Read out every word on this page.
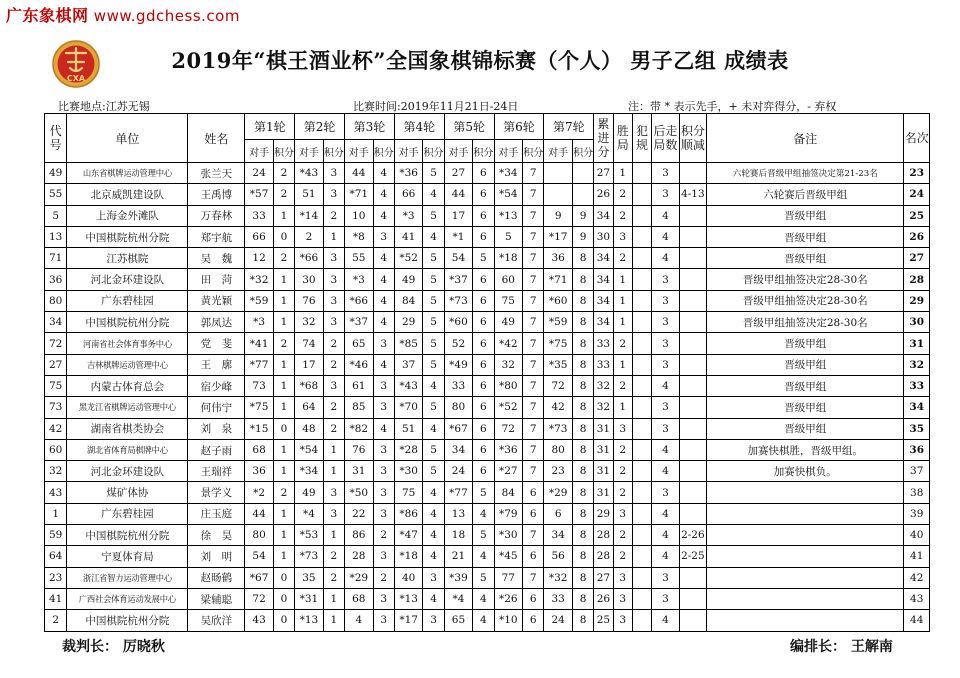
广东象棋网 www.gdchess.com
CXA
2019年“棋王酒业杯”全国象棋锦标赛（个人） 男子乙组 成绩表
比赛地点:江苏无锡	比赛时间:2019年11月21日-24日	注：带 * 表示先手，+ 未对弈得分，- 弃权
代号	单位	姓名	第1轮		第2轮		第3轮		第4轮		第5轮		第6轮		第7轮		累进分	胜局	犯规	后走局数	积分顺减	备注	名次
			对手	积分	对手	积分	对手	积分	对手	积分	对手	积分	对手	积分	对手	积分							
49	山东省棋牌运动管理中心	张兰天	24	2	*43	3	44	4	*36	5	27	6	*34	7			27	1		3		六轮赛后晋级甲组抽签决定第21-23名	23
55	北京威凯建设队	王禹博	*57	2	51	3	*71	4	66	4	44	6	*54	7			26	2		3	4-13	六轮赛后晋级甲组	24
5	上海金外滩队	万春林	33	1	*14	2	10	4	*3	5	17	6	*13	7	9	9	34	2		4		晋级甲组	25
13	中国棋院杭州分院	郑宇航	66	0	2	1	*8	3	41	4	*1	6	5	7	*17	9	30	3		4		晋级甲组	26
71	江苏棋院	吴　魏	12	2	*66	3	55	4	*52	5	54	5	*18	7	36	8	34	2		4		晋级甲组	27
36	河北金环建设队	田　菏	*32	1	30	3	*3	4	49	5	*37	6	60	7	*71	8	34	1		3		晋级甲组抽签决定28-30名	28
80	广东碧桂园	黄光颖	*59	1	76	3	*66	4	84	5	*73	6	75	7	*60	8	34	1		3		晋级甲组抽签决定28-30名	29
34	中国棋院杭州分院	郭凤达	*3	1	32	3	*37	4	29	5	*60	6	49	7	*59	8	34	1		3		晋级甲组抽签决定28-30名	30
72	河南省社会体育事务中心	党　斐	*41	2	74	2	65	3	*85	5	52	6	*42	7	*75	8	33	2		3		晋级甲组	31
27	吉林棋牌运动管理中心	王　廓	*77	1	17	2	*46	4	37	5	*49	6	32	7	*35	8	33	1		3		晋级甲组	32
75	内蒙古体育总会	宿少峰	73	1	*68	3	61	3	*43	4	33	6	*80	7	72	8	32	2		4		晋级甲组	33
73	黑龙江省棋牌运动管理中心	何伟宁	*75	1	64	2	85	3	*70	5	80	6	*52	7	42	8	32	1		3		晋级甲组	34
42	湖南省棋类协会	刘　泉	*15	0	48	2	*82	4	51	4	*67	6	72	7	*73	8	31	3		3		晋级甲组	35
60	湖北省体育局棋牌中心	赵子雨	68	1	*54	1	76	3	*28	5	34	6	*36	7	80	8	31	2		4		加赛快棋胜，晋级甲组。	36
32	河北金环建设队	王瑞祥	36	1	*34	1	31	3	*30	5	24	6	*27	7	23	8	31	2		4		加赛快棋负。	37
43	煤矿体协	景学义	*2	2	49	3	*50	3	75	4	*77	5	84	6	*29	8	31	2		3			38
1	广东碧桂园	庄玉庭	44	1	*4	3	22	3	*86	4	13	4	*79	6	6	8	29	3		4			39
59	中国棋院杭州分院	徐　昊	80	1	*53	1	86	2	*47	4	18	5	*30	7	34	8	28	2		4	2-26		40
64	宁夏体育局	刘　明	54	1	*73	2	28	3	*18	4	21	4	*45	6	56	8	28	2		4	2-25		41
23	浙江省智力运动管理中心	赵旸鹤	*67	0	35	2	*29	2	40	3	*39	5	77	7	*32	8	27	3		3			42
41	广西社会体育运动发展中心	梁辅聪	72	0	*31	1	68	3	*13	4	*4	4	*26	6	33	8	26	3		3			43
2	中国棋院杭州分院	吴欣洋	43	0	*13	1	4	3	*17	3	65	4	*10	6	24	8	25	3		4			44
裁判长： 厉晓秋	编排长： 王解南
